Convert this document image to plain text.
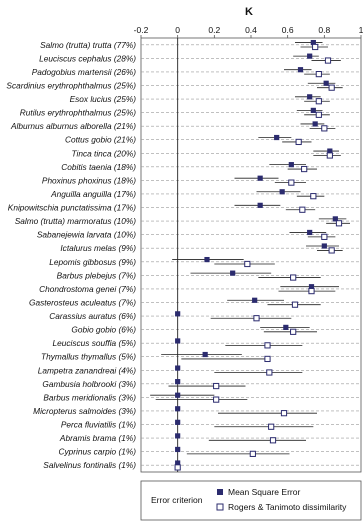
K
-0.2	0	0.2	0.4	0.6	0.8	1
Salmo (trutta) trutta (77%)
Leuciscus cephalus (28%)
Padogobius martensii (26%)
Scardinius erythrophthalmus (25%)
Esox lucius (25%)
Rutilus erythrophthalmus (25%)
Alburnus alburnus alborella (21%)
Cottus gobio (21%)
Tinca tinca (20%)
Cobitis taenia (18%)
Phoxinus phoxinus (18%)
Anguilla anguilla (17%)
Knipowitschia punctatissima (17%)
Salmo (trutta) marmoratus (10%)
Sabanejewia larvata (10%)
Ictalurus melas (9%)
Lepomis gibbosus (9%)
Barbus plebejus (7%)
Chondrostoma genei (7%)
Gasterosteus aculeatus (7%)
Carassius auratus (6%)
Gobio gobio (6%)
Leuciscus souffia (5%)
Thymallus thymallus (5%)
Lampetra zanandreai (4%)
Gambusia holbrooki (3%)
Barbus meridionalis (3%)
Micropterus salmoides (3%)
Perca fluviatilis (1%)
Abramis brama (1%)
Cyprinus carpio (1%)
Salvelinus fontinalis (1%)
Error criterion
Mean Square Error
Rogers & Tanimoto dissimilarity
